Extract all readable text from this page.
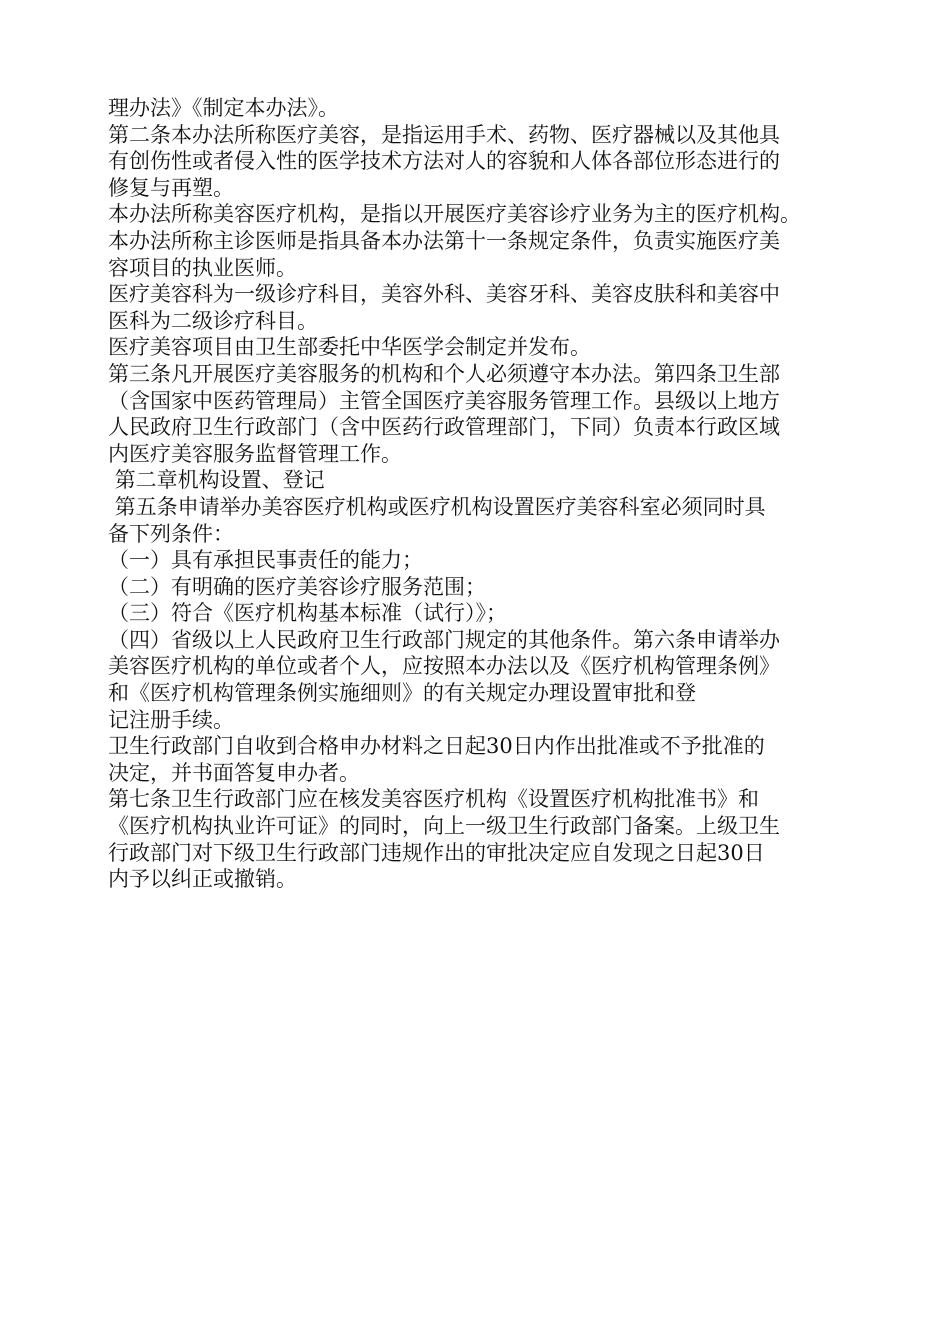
理办法》《制定本办法》。
第二条本办法所称医疗美容，是指运用手术、药物、医疗器械以及其他具
有创伤性或者侵入性的医学技术方法对人的容貌和人体各部位形态进行的
修复与再塑。
本办法所称美容医疗机构，是指以开展医疗美容诊疗业务为主的医疗机构。
本办法所称主诊医师是指具备本办法第十一条规定条件，负责实施医疗美
容项目的执业医师。
医疗美容科为一级诊疗科目，美容外科、美容牙科、美容皮肤科和美容中
医科为二级诊疗科目。
医疗美容项目由卫生部委托中华医学会制定并发布。
第三条凡开展医疗美容服务的机构和个人必须遵守本办法。第四条卫生部
（含国家中医药管理局）主管全国医疗美容服务管理工作。县级以上地方
人民政府卫生行政部门（含中医药行政管理部门，下同）负责本行政区域
内医疗美容服务监督管理工作。
第二章机构设置、登记
第五条申请举办美容医疗机构或医疗机构设置医疗美容科室必须同时具
备下列条件：
（一）具有承担民事责任的能力；
（二）有明确的医疗美容诊疗服务范围；
（三）符合《医疗机构基本标准（试行）》；
（四）省级以上人民政府卫生行政部门规定的其他条件。第六条申请举办
美容医疗机构的单位或者个人，应按照本办法以及《医疗机构管理条例》
和《医疗机构管理条例实施细则》的有关规定办理设置审批和登
记注册手续。
卫生行政部门自收到合格申办材料之日起30日内作出批准或不予批准的
决定，并书面答复申办者。
第七条卫生行政部门应在核发美容医疗机构《设置医疗机构批准书》和
《医疗机构执业许可证》的同时，向上一级卫生行政部门备案。上级卫生
行政部门对下级卫生行政部门违规作出的审批决定应自发现之日起30日
内予以纠正或撤销。
